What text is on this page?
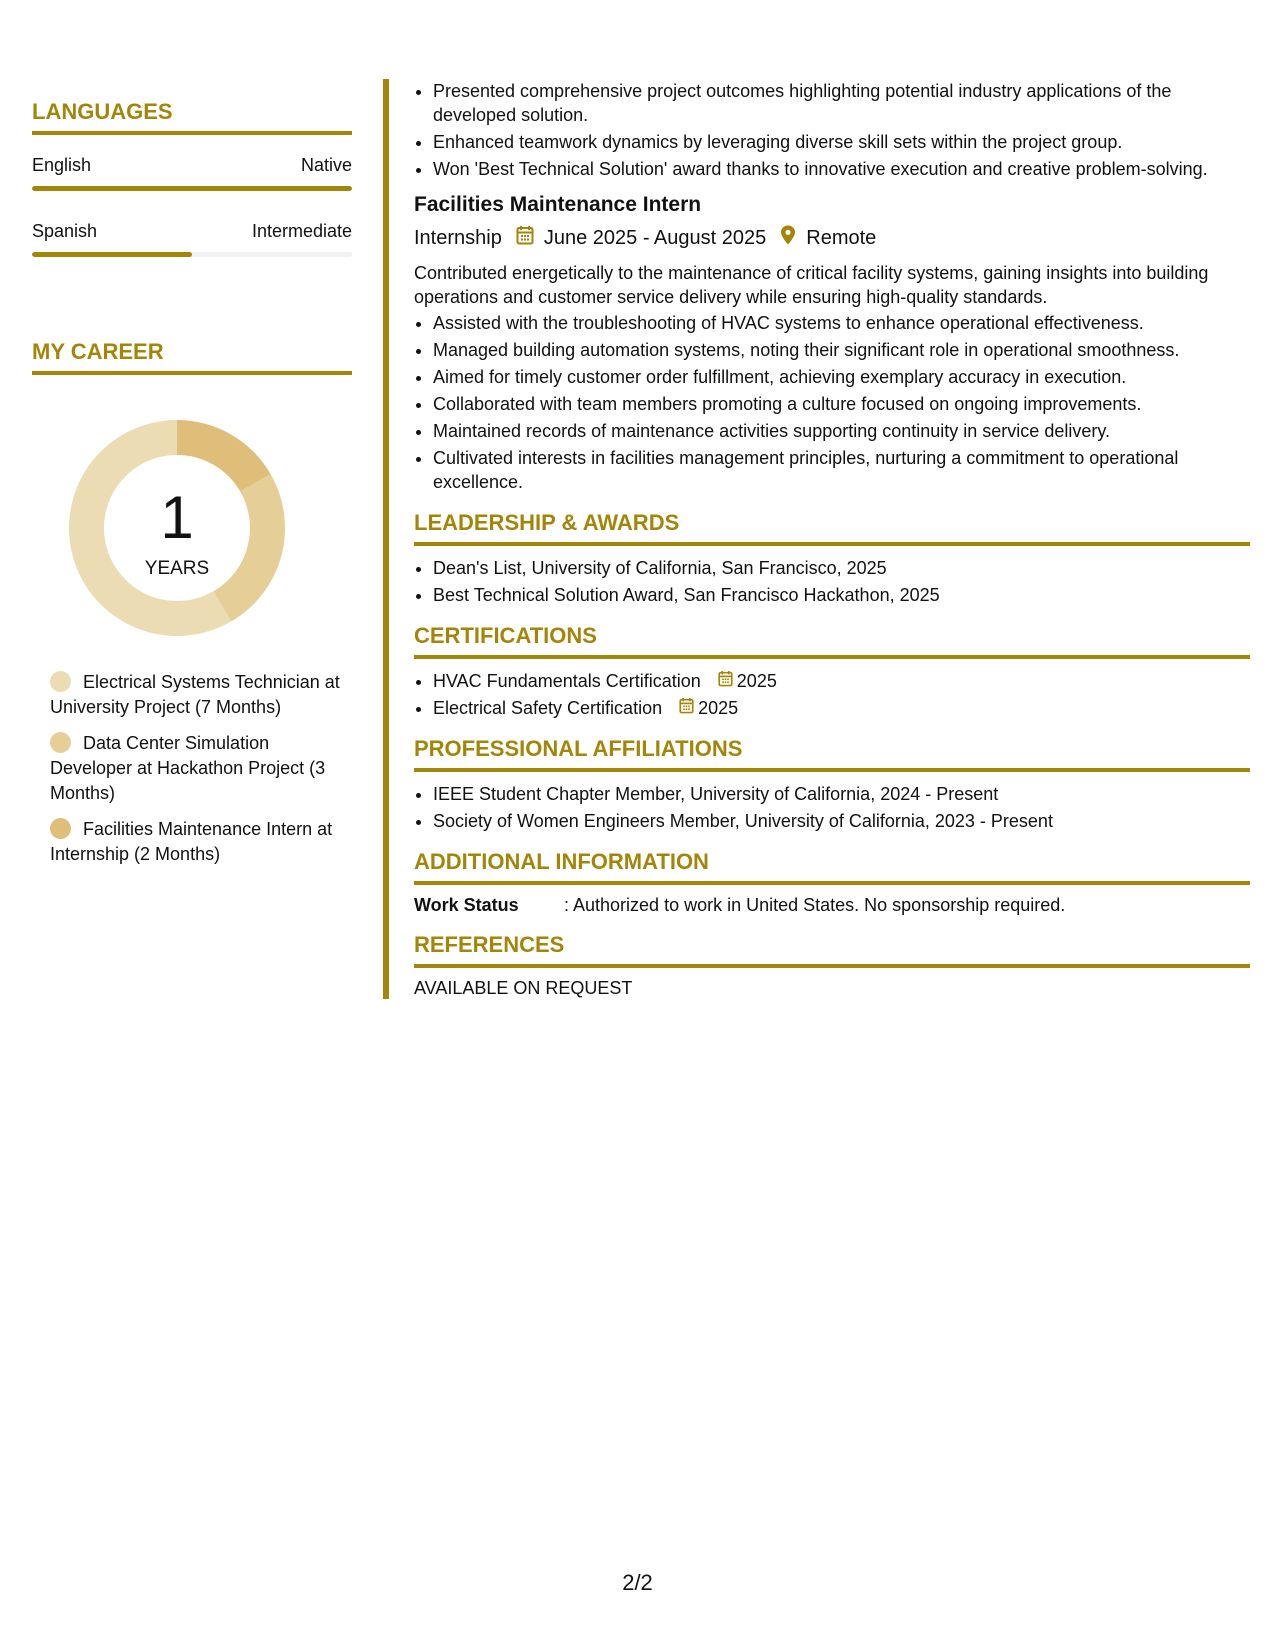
LANGUAGES
English	Native
Spanish	Intermediate
MY CAREER
1
YEARS
Electrical Systems Technician at University Project (7 Months)
Data Center Simulation Developer at Hackathon Project (3 Months)
Facilities Maintenance Intern at Internship (2 Months)
• Presented comprehensive project outcomes highlighting potential industry applications of the developed solution.
• Enhanced teamwork dynamics by leveraging diverse skill sets within the project group.
• Won 'Best Technical Solution' award thanks to innovative execution and creative problem-solving.
Facilities Maintenance Intern
Internship June 2025 - August 2025 Remote
Contributed energetically to the maintenance of critical facility systems, gaining insights into building operations and customer service delivery while ensuring high-quality standards.
• Assisted with the troubleshooting of HVAC systems to enhance operational effectiveness.
• Managed building automation systems, noting their significant role in operational smoothness.
• Aimed for timely customer order fulfillment, achieving exemplary accuracy in execution.
• Collaborated with team members promoting a culture focused on ongoing improvements.
• Maintained records of maintenance activities supporting continuity in service delivery.
• Cultivated interests in facilities management principles, nurturing a commitment to operational excellence.
LEADERSHIP & AWARDS
• Dean's List, University of California, San Francisco, 2025
• Best Technical Solution Award, San Francisco Hackathon, 2025
CERTIFICATIONS
• HVAC Fundamentals Certification 2025
• Electrical Safety Certification 2025
PROFESSIONAL AFFILIATIONS
• IEEE Student Chapter Member, University of California, 2024 - Present
• Society of Women Engineers Member, University of California, 2023 - Present
ADDITIONAL INFORMATION
Work Status	: Authorized to work in United States. No sponsorship required.
REFERENCES
AVAILABLE ON REQUEST
2/2
